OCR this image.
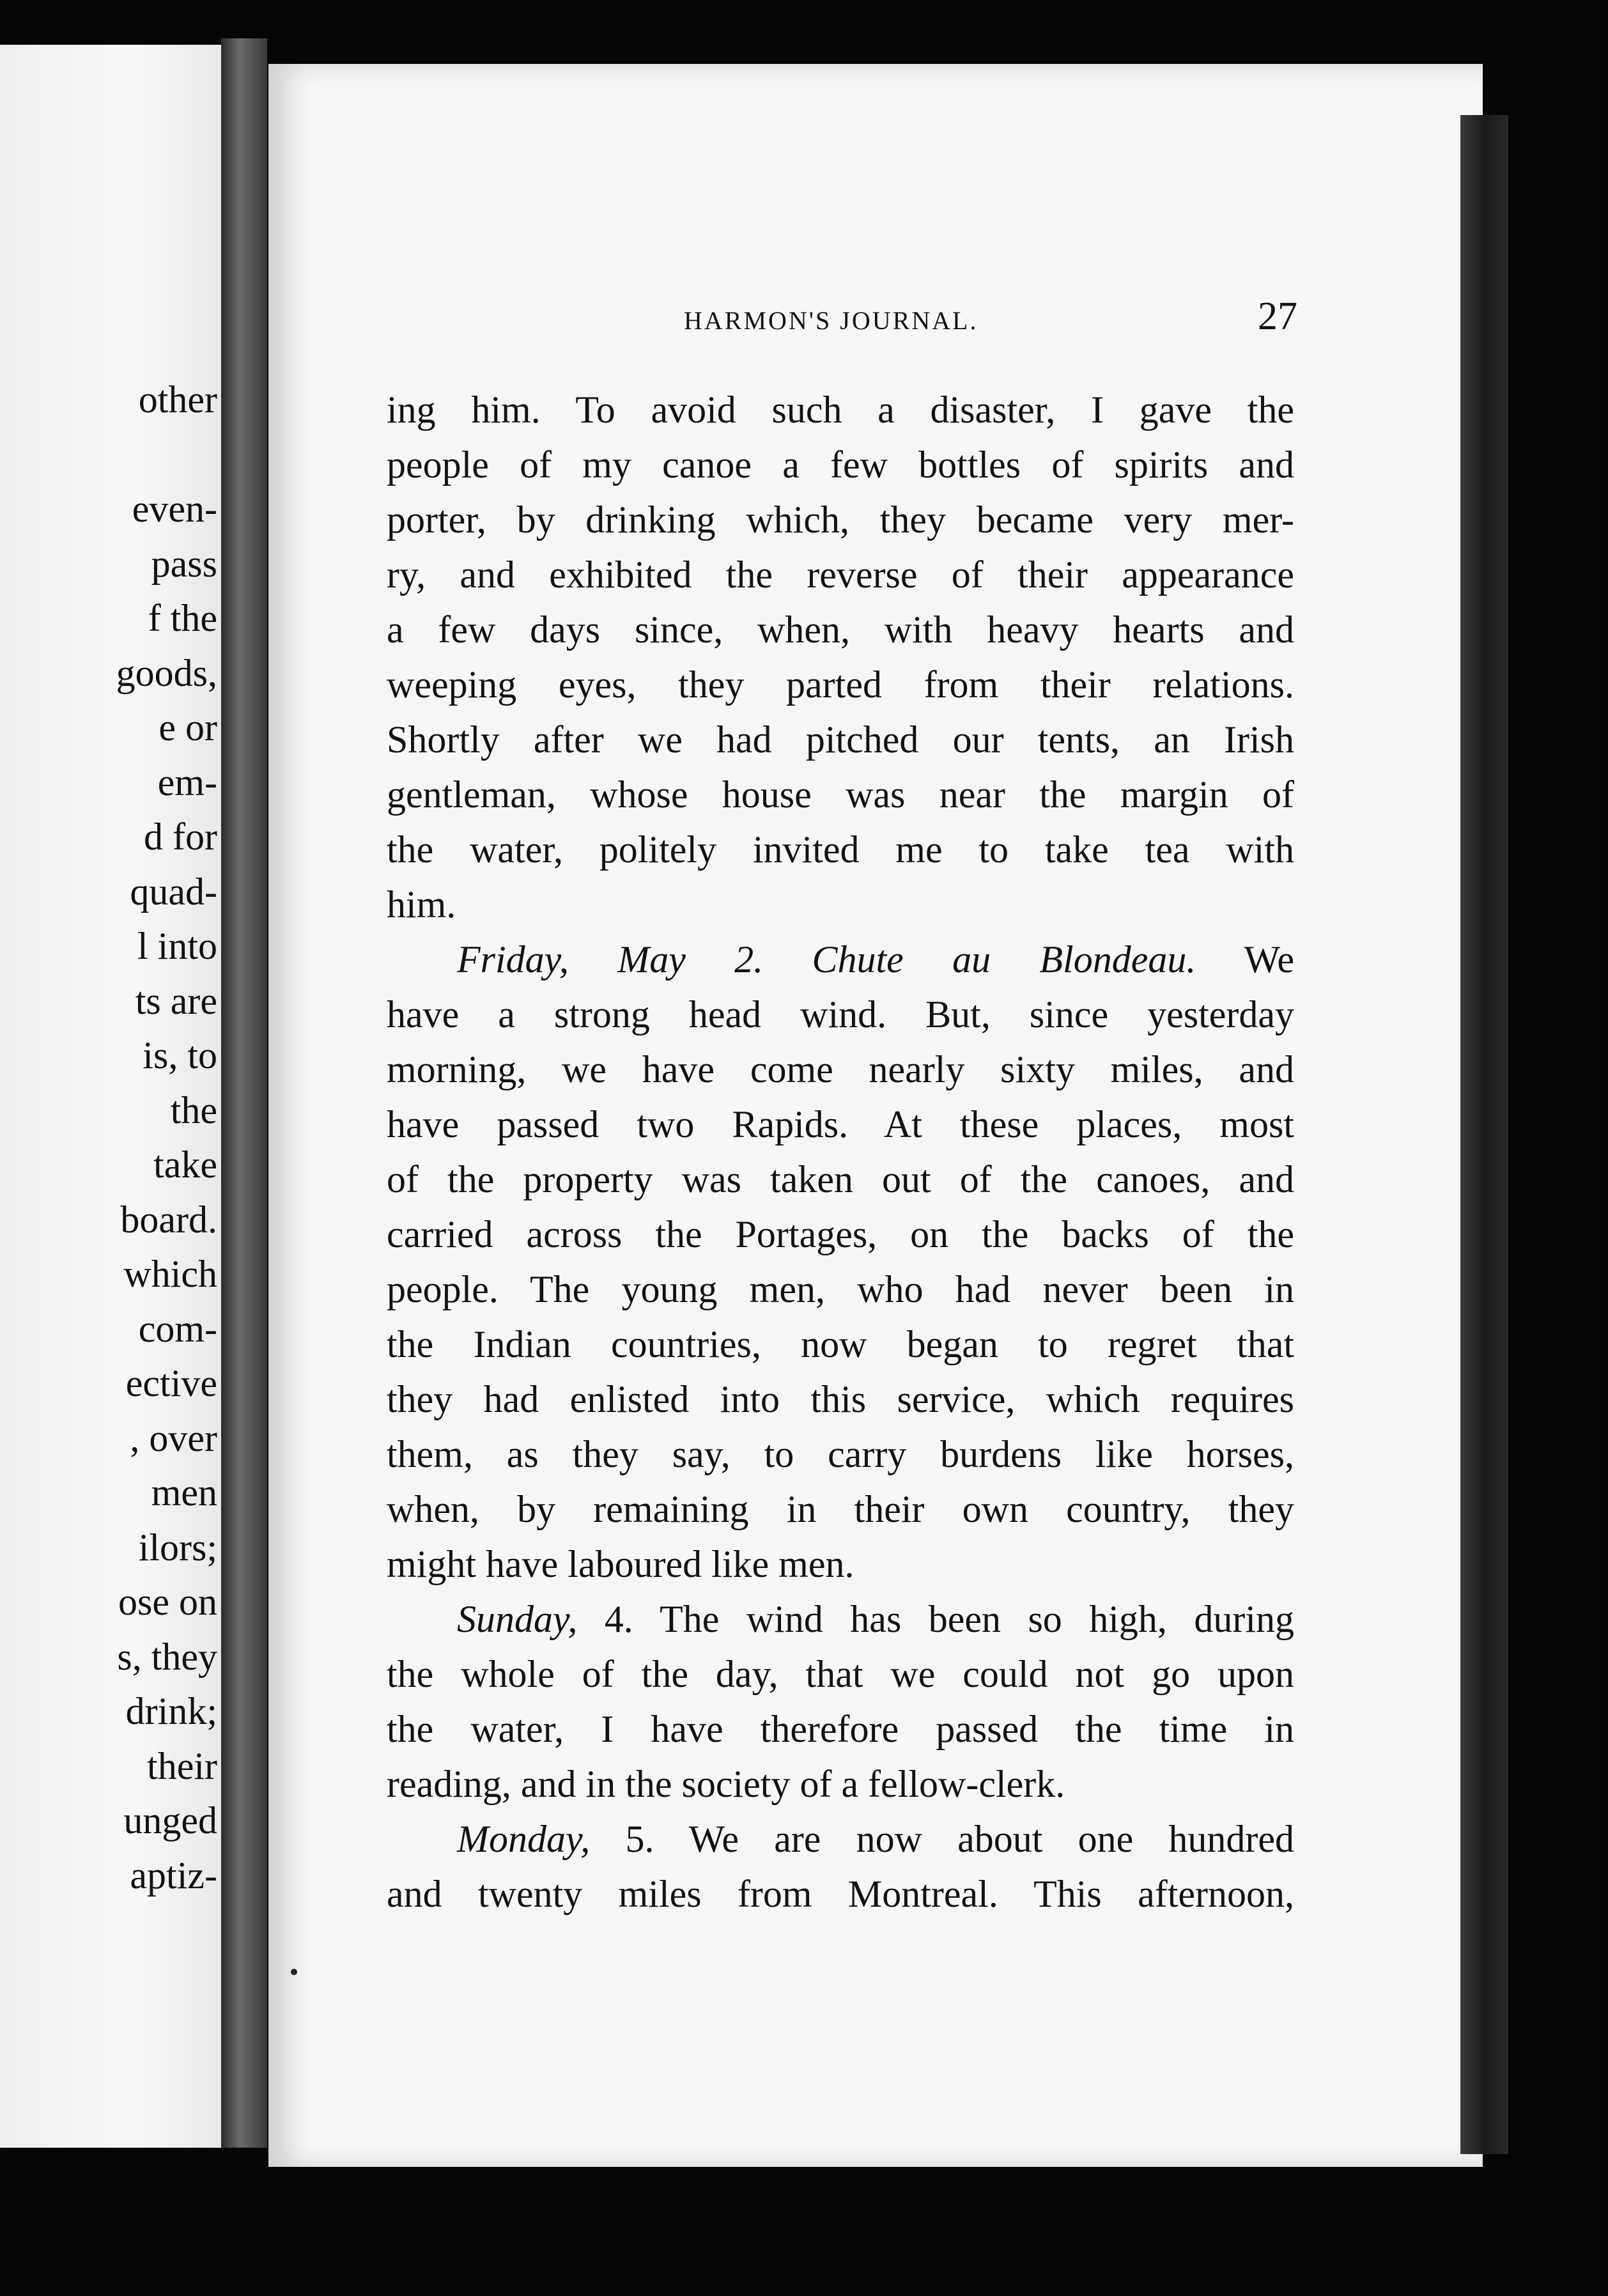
other
even-
pass
f the
goods,
e or
em-
d for
quad-
l into
ts are
is, to
the
take
board.
which
com-
ective
, over
men
ilors;
ose on
s, they
drink;
their
unged
aptiz-
HARMON'S JOURNAL.	27
ing him. To avoid such a disaster, I gave the
people of my canoe a few bottles of spirits and
porter, by drinking which, they became very mer-
ry, and exhibited the reverse of their appearance
a few days since, when, with heavy hearts and
weeping eyes, they parted from their relations.
Shortly after we had pitched our tents, an Irish
gentleman, whose house was near the margin of
the water, politely invited me to take tea with
him.
Friday, May 2. Chute au Blondeau. We
have a strong head wind. But, since yesterday
morning, we have come nearly sixty miles, and
have passed two Rapids. At these places, most
of the property was taken out of the canoes, and
carried across the Portages, on the backs of the
people. The young men, who had never been in
the Indian countries, now began to regret that
they had enlisted into this service, which requires
them, as they say, to carry burdens like horses,
when, by remaining in their own country, they
might have laboured like men.
Sunday, 4. The wind has been so high, during
the whole of the day, that we could not go upon
the water, I have therefore passed the time in
reading, and in the society of a fellow-clerk.
Monday, 5. We are now about one hundred
and twenty miles from Montreal. This afternoon,
